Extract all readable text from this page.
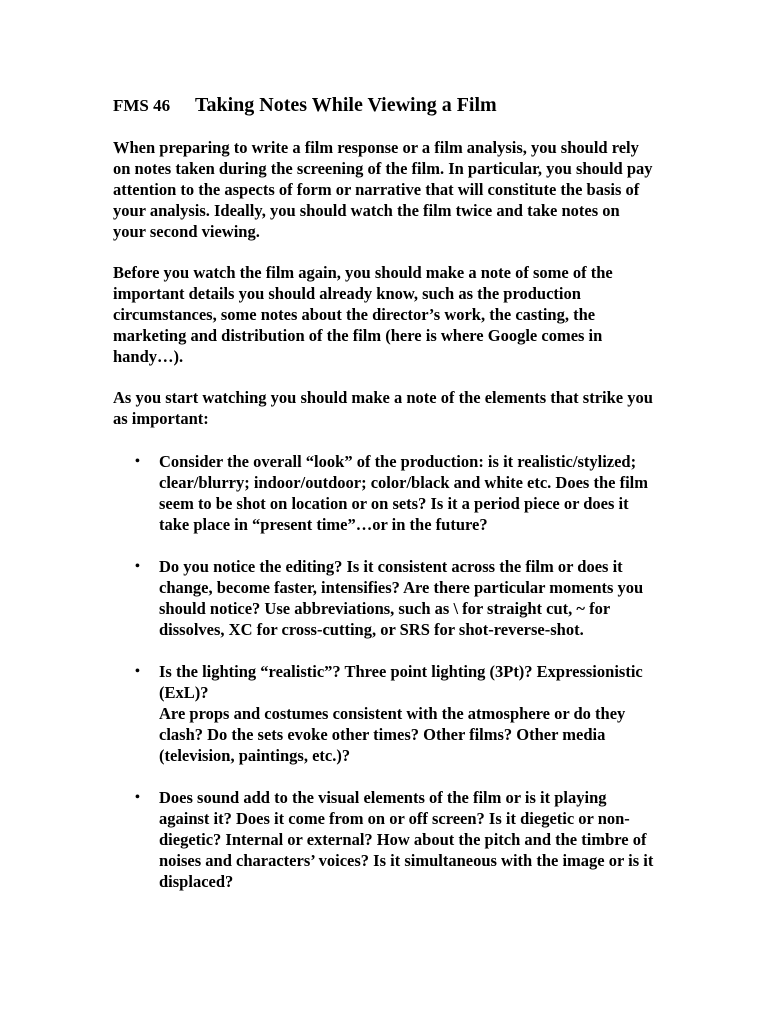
FMS 46 Taking Notes While Viewing a Film

When preparing to write a film response or a film analysis, you should rely on notes taken during the screening of the film. In particular, you should pay attention to the aspects of form or narrative that will constitute the basis of your analysis. Ideally, you should watch the film twice and take notes on your second viewing.

Before you watch the film again, you should make a note of some of the important details you should already know, such as the production circumstances, some notes about the director’s work, the casting, the marketing and distribution of the film (here is where Google comes in handy…).

As you start watching you should make a note of the elements that strike you as important:

• Consider the overall “look” of the production: is it realistic/stylized; clear/blurry; indoor/outdoor; color/black and white etc. Does the film seem to be shot on location or on sets? Is it a period piece or does it take place in “present time”…or in the future?
• Do you notice the editing? Is it consistent across the film or does it change, become faster, intensifies? Are there particular moments you should notice? Use abbreviations, such as \ for straight cut, ~ for dissolves, XC for cross-cutting, or SRS for shot-reverse-shot.
• Is the lighting “realistic”? Three point lighting (3Pt)? Expressionistic (ExL)?
Are props and costumes consistent with the atmosphere or do they clash? Do the sets evoke other times? Other films? Other media (television, paintings, etc.)?
• Does sound add to the visual elements of the film or is it playing against it? Does it come from on or off screen? Is it diegetic or non-diegetic? Internal or external? How about the pitch and the timbre of noises and characters’ voices? Is it simultaneous with the image or is it displaced?
